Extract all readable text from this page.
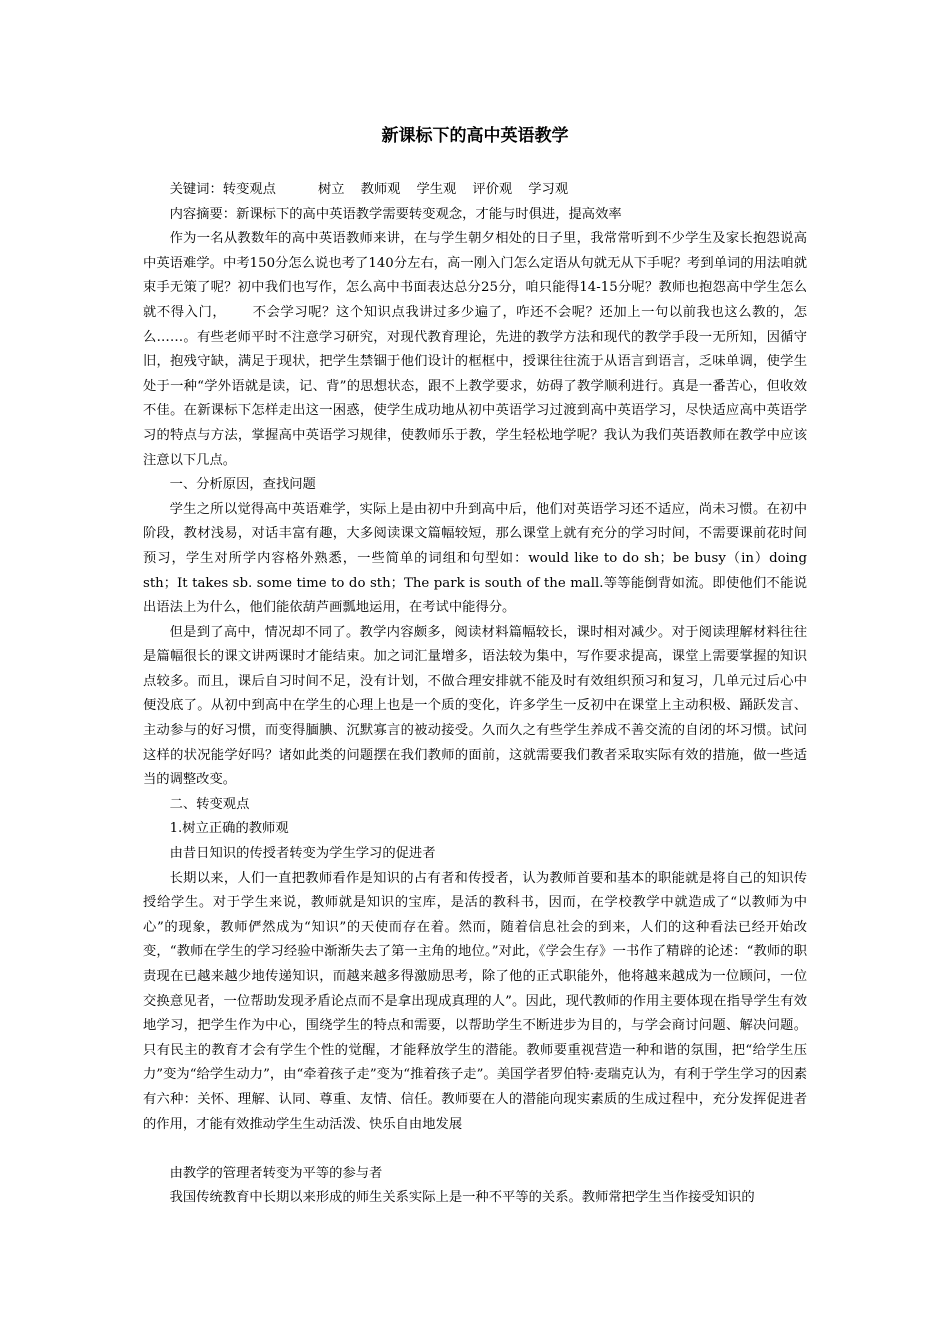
新课标下的高中英语教学

关键词：转变观点	树立 教师观 学生观 评价观 学习观

内容摘要：新课标下的高中英语教学需要转变观念，才能与时俱进，提高效率

作为一名从教数年的高中英语教师来讲，在与学生朝夕相处的日子里，我常常听到不少学生及家长抱怨说高中英语难学。中考150分怎么说也考了140分左右，高一刚入门怎么定语从句就无从下手呢？考到单词的用法咱就束手无策了呢？初中我们也写作，怎么高中书面表达总分25分，咱只能得14-15分呢？教师也抱怨高中学生怎么就不得入门， 不会学习呢？这个知识点我讲过多少遍了，咋还不会呢？还加上一句以前我也这么教的，怎么……。有些老师平时不注意学习研究，对现代教育理论，先进的教学方法和现代的教学手段一无所知，因循守旧，抱残守缺，满足于现状，把学生禁锢于他们设计的框框中，授课往往流于从语言到语言，乏味单调，使学生处于一种“学外语就是读，记、背”的思想状态，跟不上教学要求，妨碍了教学顺利进行。真是一番苦心，但收效不佳。在新课标下怎样走出这一困惑，使学生成功地从初中英语学习过渡到高中英语学习，尽快适应高中英语学习的特点与方法，掌握高中英语学习规律，使教师乐于教，学生轻松地学呢？我认为我们英语教师在教学中应该注意以下几点。

一、分析原因，查找问题

学生之所以觉得高中英语难学，实际上是由初中升到高中后，他们对英语学习还不适应，尚未习惯。在初中阶段，教材浅易，对话丰富有趣，大多阅读课文篇幅较短，那么课堂上就有充分的学习时间，不需要课前花时间预习，学生对所学内容格外熟悉，一些简单的词组和句型如：would like to do sh；be busy（in）doing sth；It takes sb. some time to do sth；The park is south of the mall.等等能倒背如流。即使他们不能说出语法上为什么，他们能依葫芦画瓢地运用，在考试中能得分。

但是到了高中，情况却不同了。教学内容颇多，阅读材料篇幅较长，课时相对减少。对于阅读理解材料往往是篇幅很长的课文讲两课时才能结束。加之词汇量增多，语法较为集中，写作要求提高，课堂上需要掌握的知识点较多。而且，课后自习时间不足，没有计划，不做合理安排就不能及时有效组织预习和复习，几单元过后心中便没底了。从初中到高中在学生的心理上也是一个质的变化，许多学生一反初中在课堂上主动积极、踊跃发言、主动参与的好习惯，而变得腼腆、沉默寡言的被动接受。久而久之有些学生养成不善交流的自闭的坏习惯。试问这样的状况能学好吗？诸如此类的问题摆在我们教师的面前，这就需要我们教者采取实际有效的措施，做一些适当的调整改变。

二、转变观点

1.树立正确的教师观

由昔日知识的传授者转变为学生学习的促进者

长期以来，人们一直把教师看作是知识的占有者和传授者，认为教师首要和基本的职能就是将自己的知识传授给学生。对于学生来说，教师就是知识的宝库，是活的教科书，因而，在学校教学中就造成了“以教师为中心”的现象，教师俨然成为“知识”的天使而存在着。然而，随着信息社会的到来，人们的这种看法已经开始改变，“教师在学生的学习经验中渐渐失去了第一主角的地位。”对此，《学会生存》一书作了精辟的论述：“教师的职责现在已越来越少地传递知识，而越来越多得激励思考，除了他的正式职能外，他将越来越成为一位顾问，一位交换意见者，一位帮助发现矛盾论点而不是拿出现成真理的人”。因此，现代教师的作用主要体现在指导学生有效地学习，把学生作为中心，围绕学生的特点和需要，以帮助学生不断进步为目的，与学会商讨问题、解决问题。只有民主的教育才会有学生个性的觉醒，才能释放学生的潜能。教师要重视营造一种和谐的氛围，把“给学生压力”变为“给学生动力”，由“牵着孩子走”变为“推着孩子走”。美国学者罗伯特·麦瑞克认为，有利于学生学习的因素有六种：关怀、理解、认同、尊重、友情、信任。教师要在人的潜能向现实素质的生成过程中，充分发挥促进者的作用，才能有效推动学生生动活泼、快乐自由地发展

由教学的管理者转变为平等的参与者

我国传统教育中长期以来形成的师生关系实际上是一种不平等的关系。教师常把学生当作接受知识的
